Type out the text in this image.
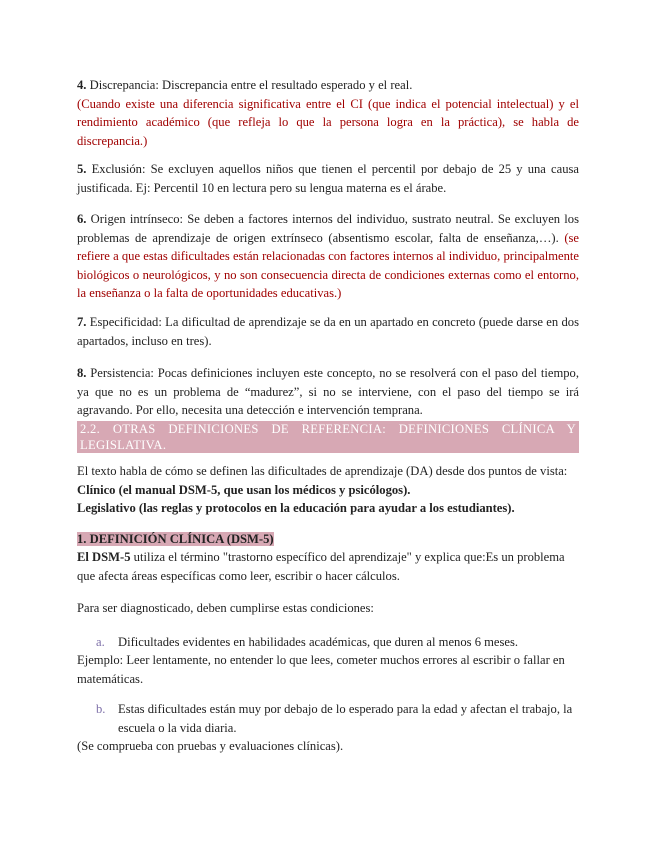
4. Discrepancia: Discrepancia entre el resultado esperado y el real.
(Cuando existe una diferencia significativa entre el CI (que indica el potencial intelectual) y el rendimiento académico (que refleja lo que la persona logra en la práctica), se habla de discrepancia.)
5. Exclusión: Se excluyen aquellos niños que tienen el percentil por debajo de 25 y una causa justificada. Ej: Percentil 10 en lectura pero su lengua materna es el árabe.
6. Origen intrínseco: Se deben a factores internos del individuo, sustrato neutral. Se excluyen los problemas de aprendizaje de origen extrínseco (absentismo escolar, falta de enseñanza,…). (se refiere a que estas dificultades están relacionadas con factores internos al individuo, principalmente biológicos o neurológicos, y no son consecuencia directa de condiciones externas como el entorno, la enseñanza o la falta de oportunidades educativas.)
7. Especificidad: La dificultad de aprendizaje se da en un apartado en concreto (puede darse en dos apartados, incluso en tres).
8. Persistencia: Pocas definiciones incluyen este concepto, no se resolverá con el paso del tiempo, ya que no es un problema de “madurez”, si no se interviene, con el paso del tiempo se irá agravando. Por ello, necesita una detección e intervención temprana.
2.2. OTRAS DEFINICIONES DE REFERENCIA: DEFINICIONES CLÍNICA Y LEGISLATIVA.
El texto habla de cómo se definen las dificultades de aprendizaje (DA) desde dos puntos de vista:
Clínico (el manual DSM-5, que usan los médicos y psicólogos).
Legislativo (las reglas y protocolos en la educación para ayudar a los estudiantes).
1. DEFINICIÓN CLÍNICA (DSM-5)
El DSM-5 utiliza el término "trastorno específico del aprendizaje" y explica que:Es un problema que afecta áreas específicas como leer, escribir o hacer cálculos.
Para ser diagnosticado, deben cumplirse estas condiciones:
a.	Dificultades evidentes en habilidades académicas, que duren al menos 6 meses.
Ejemplo: Leer lentamente, no entender lo que lees, cometer muchos errores al escribir o fallar en matemáticas.
b. Estas dificultades están muy por debajo de lo esperado para la edad y afectan el trabajo, la escuela o la vida diaria.
(Se comprueba con pruebas y evaluaciones clínicas).
